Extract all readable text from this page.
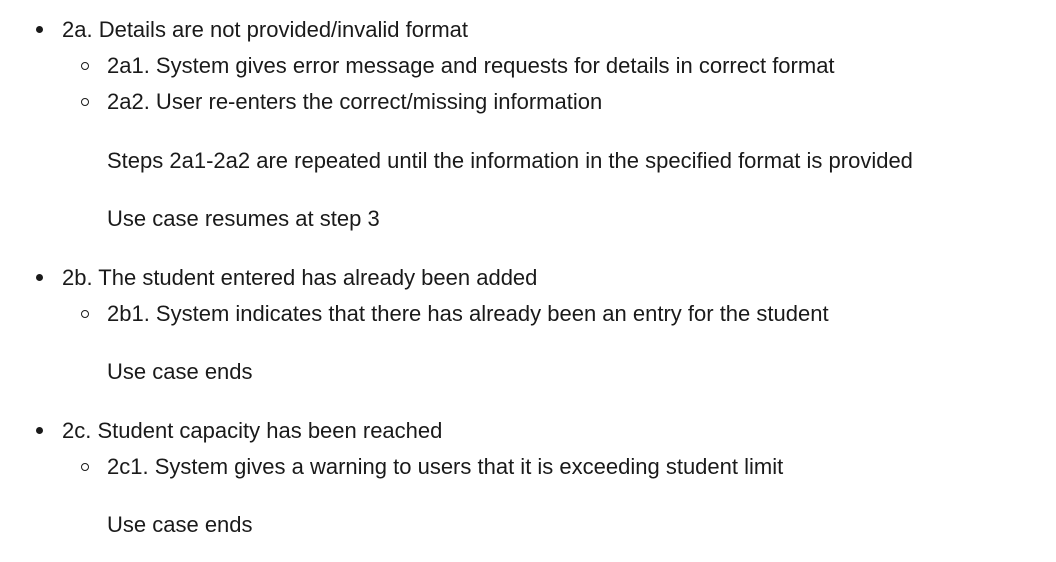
2a. Details are not provided/invalid format
2a1. System gives error message and requests for details in correct format
2a2. User re-enters the correct/missing information
Steps 2a1-2a2 are repeated until the information in the specified format is provided
Use case resumes at step 3
2b. The student entered has already been added
2b1. System indicates that there has already been an entry for the student
Use case ends
2c. Student capacity has been reached
2c1. System gives a warning to users that it is exceeding student limit
Use case ends
